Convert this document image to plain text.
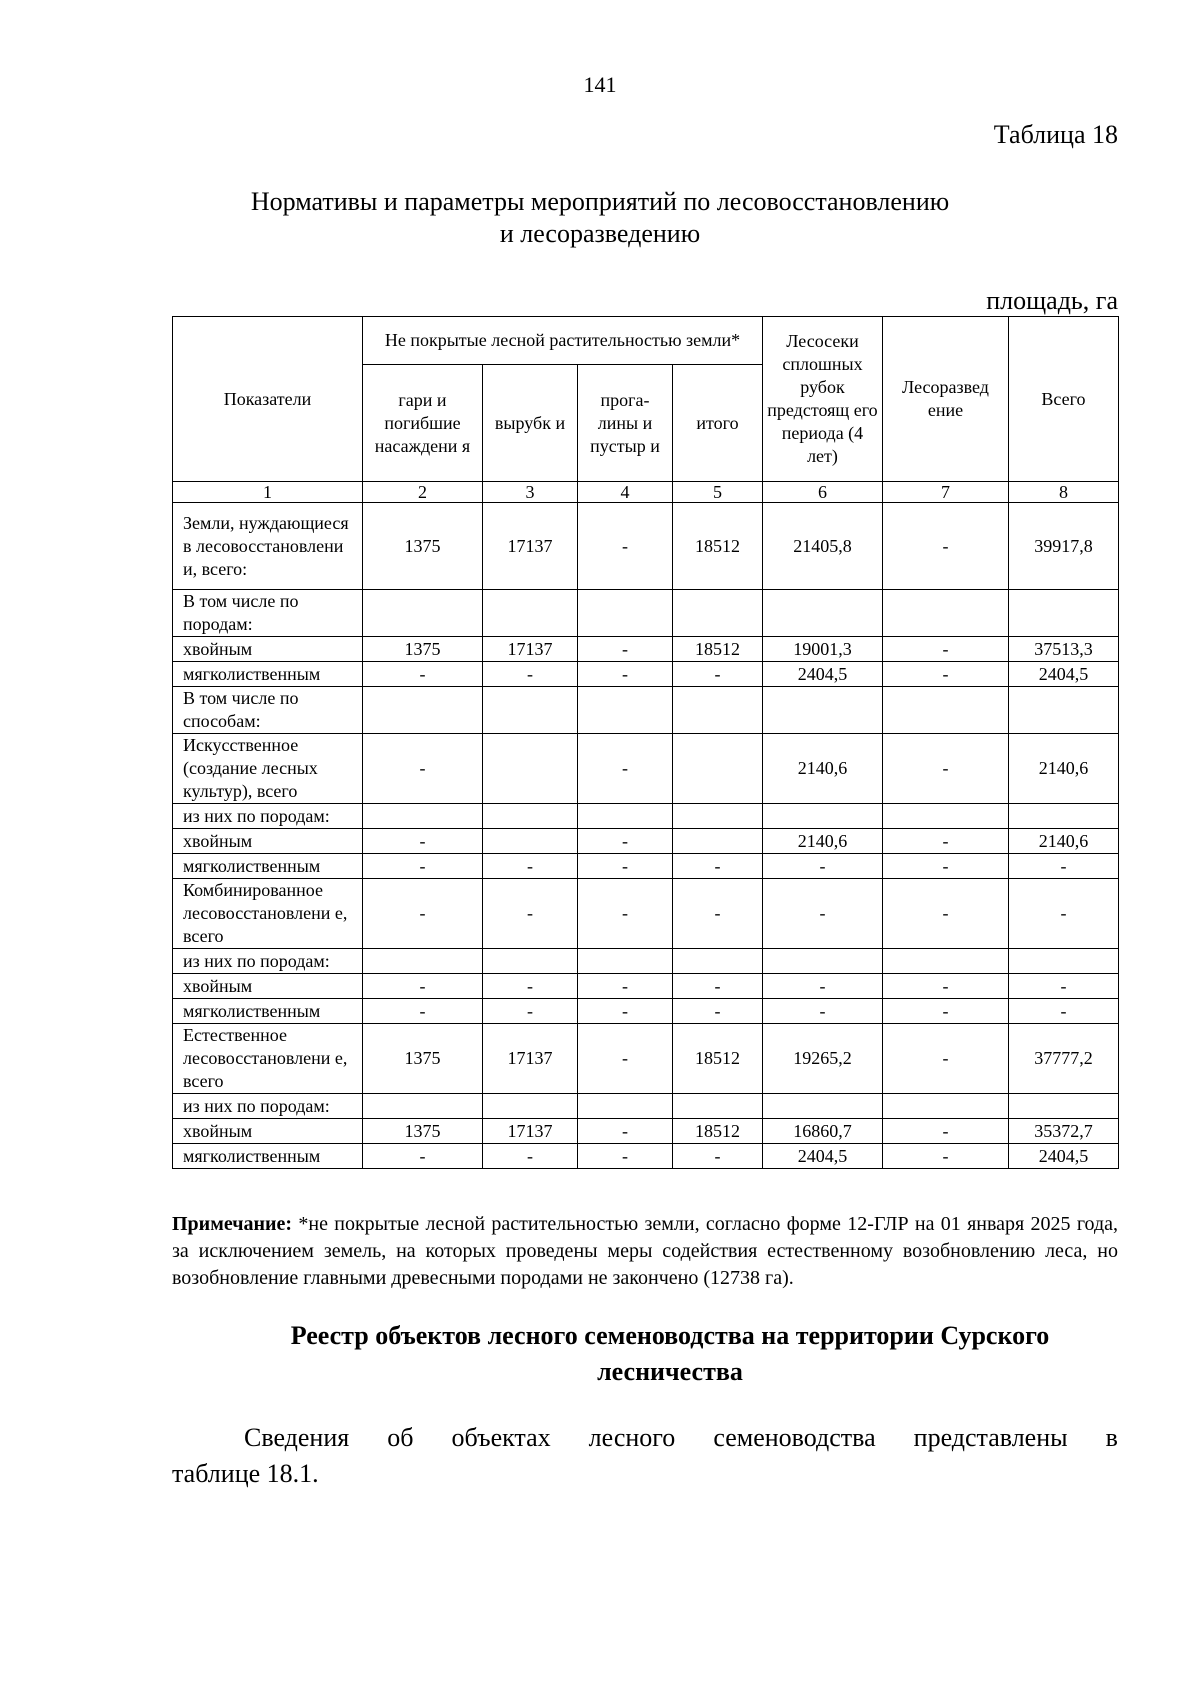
141
Таблица 18
Нормативы и параметры мероприятий по лесовосстановлению
и лесоразведению
площадь, га
Показатели	Не покрытые лесной растительностью земли*				Лесосеки сплошных рубок предстоящ его периода (4 лет)	Лесоразвед ение	Всего
	гари и погибшие насаждени я	вырубк и	прога- лины и пустыр и	итого			
1	2	3	4	5	6	7	8
Земли, нуждающиеся в лесовосстановлени и, всего:	1375	17137	-	18512	21405,8	-	39917,8
В том числе по породам:							
хвойным	1375	17137	-	18512	19001,3	-	37513,3
мягколиственным	-	-	-	-	2404,5	-	2404,5
В том числе по способам:							
Искусственное (создание лесных культур), всего	-		-		2140,6	-	2140,6
из них по породам:							
хвойным	-		-		2140,6	-	2140,6
мягколиственным	-	-	-	-	-	-	-
Комбинированное лесовосстановлени е, всего	-	-	-	-	-	-	-
из них по породам:							
хвойным	-	-	-	-	-	-	-
мягколиственным	-	-	-	-	-	-	-
Естественное лесовосстановлени е, всего	1375	17137	-	18512	19265,2	-	37777,2
из них по породам:							
хвойным	1375	17137	-	18512	16860,7	-	35372,7
мягколиственным	-	-	-	-	2404,5	-	2404,5
Примечание: *не покрытые лесной растительностью земли, согласно форме 12-ГЛР на 01 января 2025 года, за исключением земель, на которых проведены меры содействия естественному возобновлению леса, но возобновление главными древесными породами не закончено (12738 га).
Реестр объектов лесного семеноводства на территории Сурского лесничества
Сведения об объектах лесного семеноводства представлены в
таблице 18.1.
